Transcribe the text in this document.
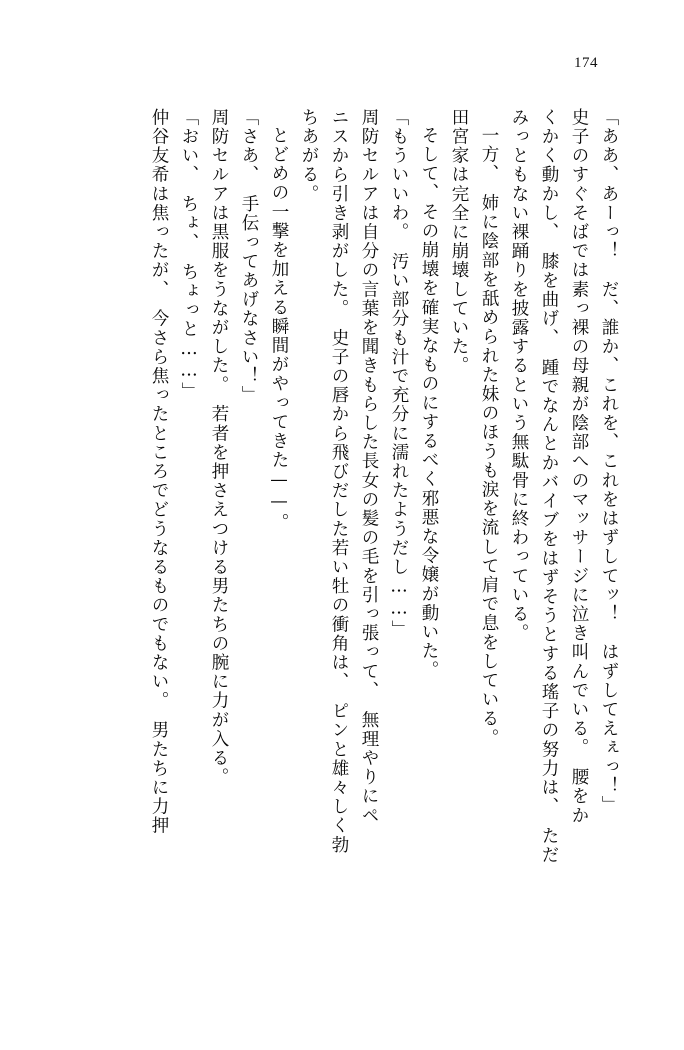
174
「ああ、あーっ！　だ、誰か、これを、これをはずしてッ！　はずしてえぇっ！」
史子のすぐそばでは素っ裸の母親が陰部へのマッサージに泣き叫んでいる。　腰をか
くかく動かし、　膝を曲げ、　踵でなんとかバイブをはずそうとする瑤子の努力は、　ただ
みっともない裸踊りを披露するという無駄骨に終わっている。
一方、　姉に陰部を舐められた妹のほうも涙を流して肩で息をしている。
田宮家は完全に崩壊していた。
そして、その崩壊を確実なものにするべく邪悪な令嬢が動いた。
「もういいわ。　汚い部分も汁で充分に濡れたようだし……」
周防セルアは自分の言葉を聞きもらした長女の髪の毛を引っ張って、　無理やりにペ
ニスから引き剥がした。　史子の唇から飛びだした若い牡の衝角は、　ピンと雄々しく勃
ちあがる。
とどめの一撃を加える瞬間がやってきた——。
「さあ、　手伝ってあげなさい！」
周防セルアは黒服をうながした。　若者を押さえつける男たちの腕に力が入る。
「おい、　ちょ、　ちょっと……」
仲谷友希は焦ったが、　今さら焦ったところでどうなるものでもない。　男たちに力押
